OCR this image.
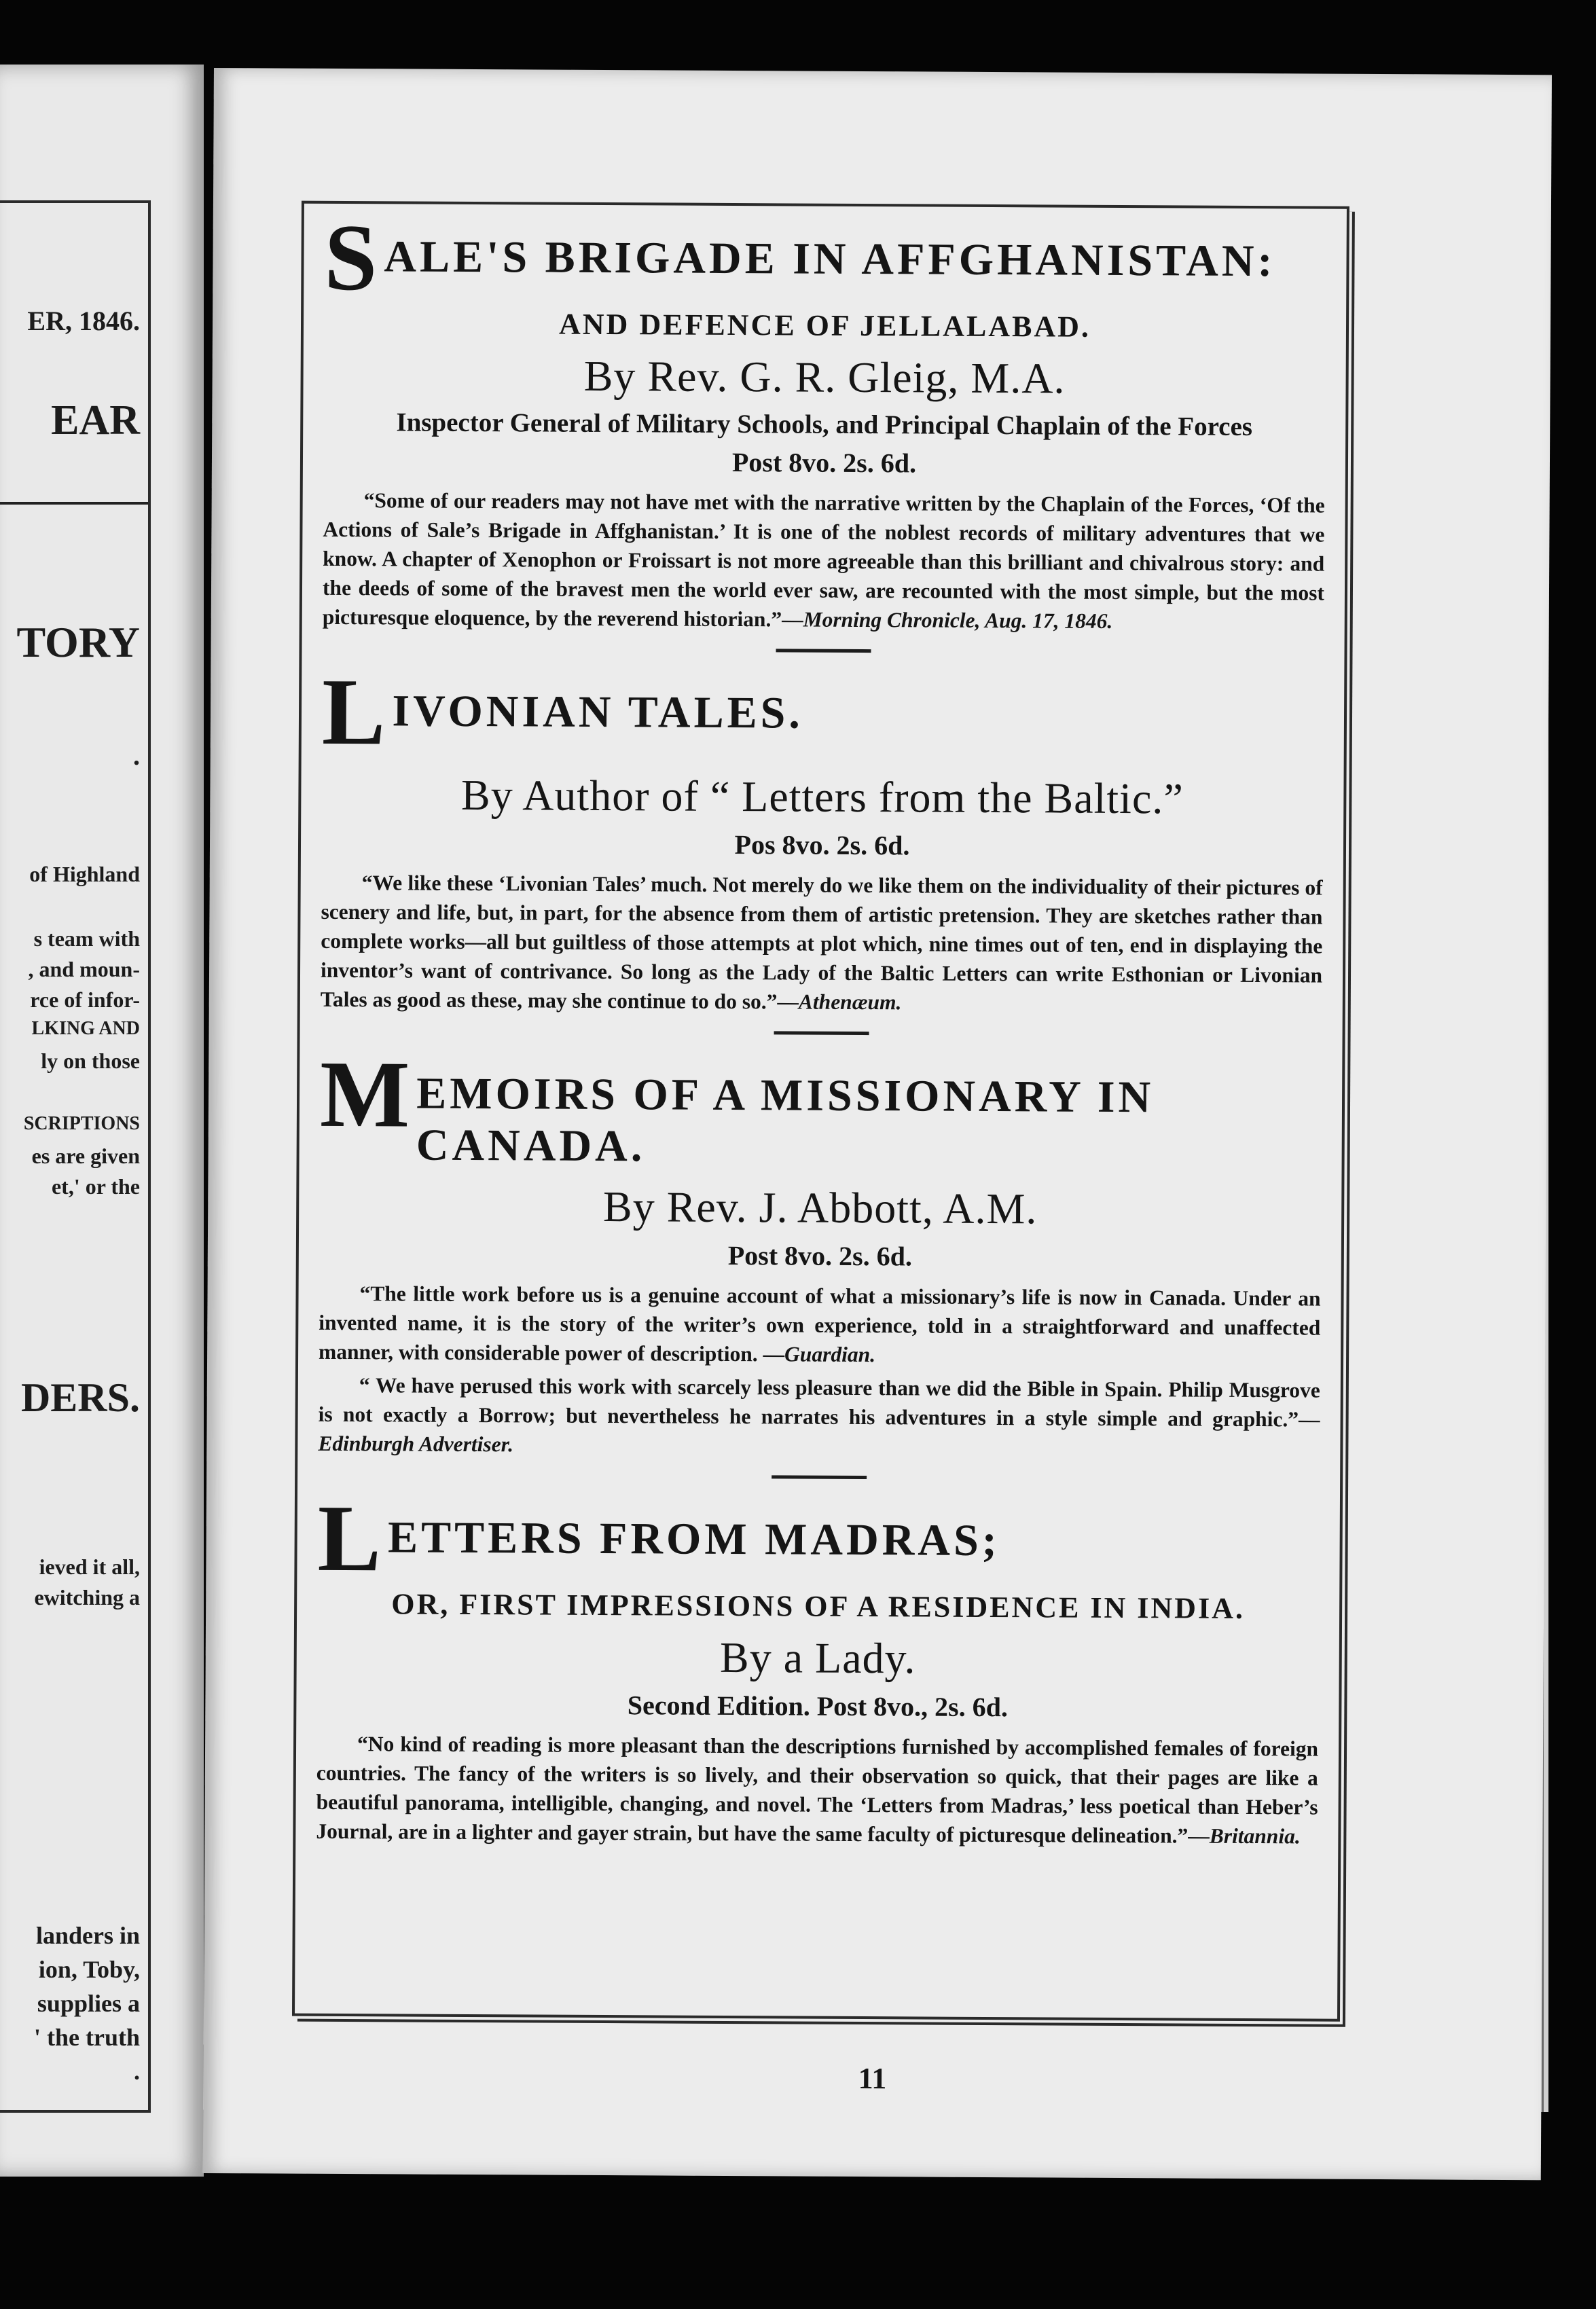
ER, 1846.
EAR
TORY
.
of Highland
s team with
, and moun-
rce of infor-
LKING AND
ly on those
SCRIPTIONS
es are given
et,' or the
DERS.
ieved it all,
ewitching a
landers in
ion, Toby,
supplies a
' the truth
.
S ALE'S BRIGADE IN AFFGHANISTAN:
AND DEFENCE OF JELLALABAD.
By Rev. G. R. Gleig, M.A.
Inspector General of Military Schools, and Principal Chaplain of the Forces
Post 8vo. 2s. 6d.
“Some of our readers may not have met with the narrative written by the Chaplain of the Forces, ‘Of the Actions of Sale’s Brigade in Affghanistan.’ It is one of the noblest records of military adventures that we know. A chapter of Xenophon or Froissart is not more agreeable than this brilliant and chivalrous story: and the deeds of some of the bravest men the world ever saw, are recounted with the most simple, but the most picturesque eloquence, by the reverend historian.”—Morning Chronicle, Aug. 17, 1846.
L IVONIAN TALES.
By Author of “ Letters from the Baltic.”
Pos 8vo. 2s. 6d.
“We like these ‘Livonian Tales’ much. Not merely do we like them on the individuality of their pictures of scenery and life, but, in part, for the absence from them of artistic pretension. They are sketches rather than complete works—all but guiltless of those attempts at plot which, nine times out of ten, end in displaying the inventor’s want of contrivance. So long as the Lady of the Baltic Letters can write Esthonian or Livonian Tales as good as these, may she continue to do so.”—Athenæum.
M EMOIRS OF A MISSIONARY IN CANADA.
By Rev. J. Abbott, A.M.
Post 8vo. 2s. 6d.
“The little work before us is a genuine account of what a missionary’s life is now in Canada. Under an invented name, it is the story of the writer’s own experience, told in a straightforward and unaffected manner, with considerable power of description. —Guardian.
“ We have perused this work with scarcely less pleasure than we did the Bible in Spain. Philip Musgrove is not exactly a Borrow; but nevertheless he narrates his adventures in a style simple and graphic.”—Edinburgh Advertiser.
L ETTERS FROM MADRAS;
OR, FIRST IMPRESSIONS OF A RESIDENCE IN INDIA.
By a Lady.
Second Edition. Post 8vo., 2s. 6d.
“No kind of reading is more pleasant than the descriptions furnished by accomplished females of foreign countries. The fancy of the writers is so lively, and their observation so quick, that their pages are like a beautiful panorama, intelligible, changing, and novel. The ‘Letters from Madras,’ less poetical than Heber’s Journal, are in a lighter and gayer strain, but have the same faculty of picturesque delineation.”—Britannia.
11
